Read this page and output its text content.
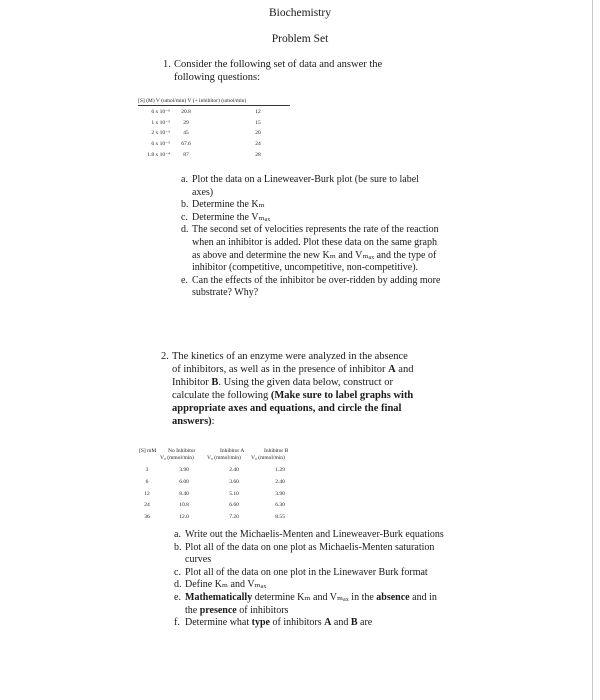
Biochemistry
Problem Set
1. Consider the following set of data and answer the
following questions:
[S] (M) V (umol/min) V (+ inhibitor) (umol/min)
6 x 10⁻⁶
1 x 10⁻⁵
2 x 10⁻⁵
6 x 10⁻⁵
1.8 x 10⁻⁴
20.8
29
45
67.6
87
12
15
20
24
28
a. Plot the data on a Lineweaver-Burk plot (be sure to label axes)
b. Determine the Kₘ
c. Determine the Vₘₐₓ
d. The second set of velocities represents the rate of the reaction when an inhibitor is added. Plot these data on the same graph as above and determine the new Kₘ and Vₘₐₓ and the type of inhibitor (competitive, uncompetitive, non-competitive).
e. Can the effects of the inhibitor be over-ridden by adding more substrate? Why?
2. The kinetics of an enzyme were analyzed in the absence of inhibitors, as well as in the presence of inhibitor A and Inhibitor B. Using the given data below, construct or calculate the following (Make sure to label graphs with appropriate axes and equations, and circle the final answers):
[S] mM No Inhibitor	Inhibitor A	Inhibitor B
V₀ (mmol/min) V₀ (mmol/min) V₀ (mmol/min)
3
6
12
24
36
3.90
6.00
8.40
10.8
12.0
2.40
3.60
5.10
6.60
7.20
1.29
2.40
3.90
6.30
8.55
a. Write out the Michaelis-Menten and Lineweaver-Burk equations
b. Plot all of the data on one plot as Michaelis-Menten saturation curves
c. Plot all of the data on one plot in the Linewaver Burk format
d. Define Kₘ and Vₘₐₓ
e. Mathematically determine Kₘ and Vₘₐₓ in the absence and in the presence of inhibitors
f. Determine what type of inhibitors A and B are
